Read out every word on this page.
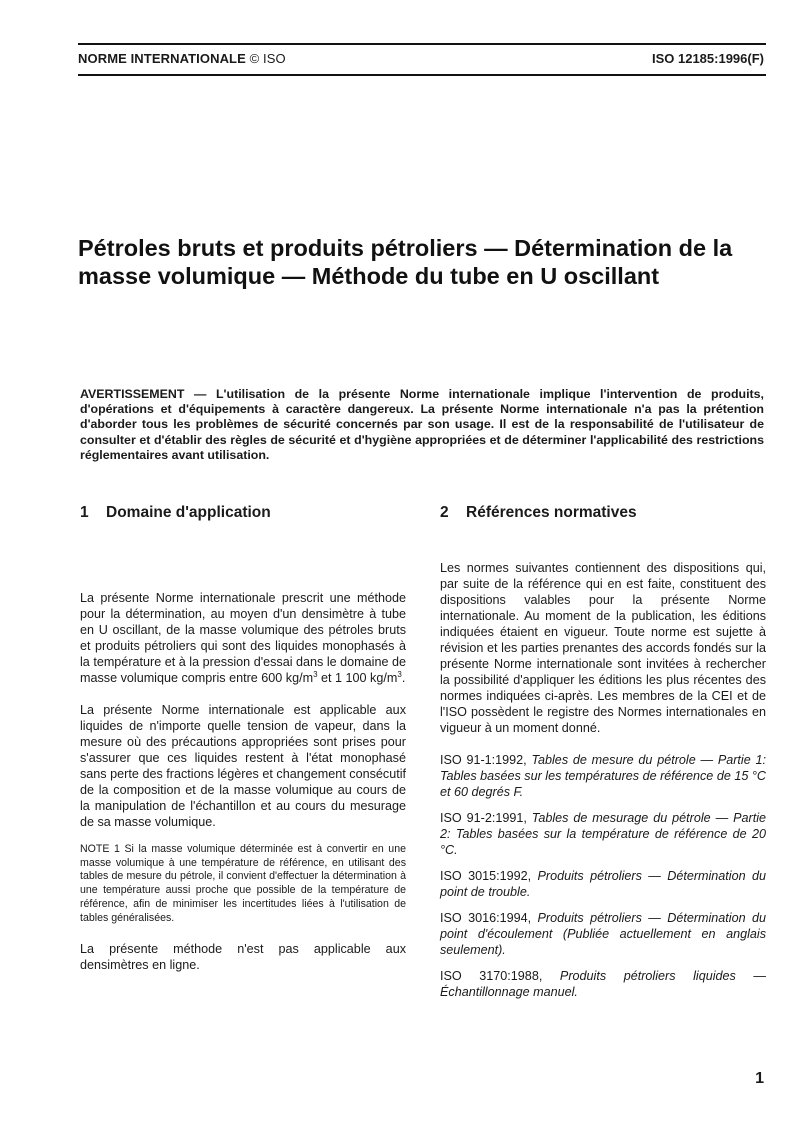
NORME INTERNATIONALE © ISO	ISO 12185:1996(F)
Pétroles bruts et produits pétroliers — Détermination de la masse volumique — Méthode du tube en U oscillant

AVERTISSEMENT — L'utilisation de la présente Norme internationale implique l'intervention de produits, d'opérations et d'équipements à caractère dangereux. La présente Norme internationale n'a pas la prétention d'aborder tous les problèmes de sécurité concernés par son usage. Il est de la responsabilité de l'utilisateur de consulter et d'établir des règles de sécurité et d'hygiène appropriées et de déterminer l'applicabilité des restrictions réglementaires avant utilisation.

1 Domaine d'application

La présente Norme internationale prescrit une méthode pour la détermination, au moyen d'un densimètre à tube en U oscillant, de la masse volumique des pétroles bruts et produits pétroliers qui sont des liquides monophasés à la température et à la pression d'essai dans le domaine de masse volumique compris entre 600 $kg/m^3$ et 1 100 $kg/m^3$.

La présente Norme internationale est applicable aux liquides de n'importe quelle tension de vapeur, dans la mesure où des précautions appropriées sont prises pour s'assurer que ces liquides restent à l'état monophasé sans perte des fractions légères et changement consécutif de la composition et de la masse volumique au cours de la manipulation de l'échantillon et au cours du mesurage de sa masse volumique.

NOTE 1 Si la masse volumique déterminée est à convertir en une masse volumique à une température de référence, en utilisant des tables de mesure du pétrole, il convient d'effectuer la détermination à une température aussi proche que possible de la température de référence, afin de minimiser les incertitudes liées à l'utilisation de tables généralisées.

La présente méthode n'est pas applicable aux densimètres en ligne.

2 Références normatives

Les normes suivantes contiennent des dispositions qui, par suite de la référence qui en est faite, constituent des dispositions valables pour la présente Norme internationale. Au moment de la publication, les éditions indiquées étaient en vigueur. Toute norme est sujette à révision et les parties prenantes des accords fondés sur la présente Norme internationale sont invitées à rechercher la possibilité d'appliquer les éditions les plus récentes des normes indiquées ci-après. Les membres de la CEI et de l'ISO possèdent le registre des Normes internationales en vigueur à un moment donné.

ISO 91-1:1992, Tables de mesure du pétrole — Partie 1: Tables basées sur les températures de référence de 15 °C et 60 degrés F.

ISO 91-2:1991, Tables de mesurage du pétrole — Partie 2: Tables basées sur la température de référence de 20 °C.

ISO 3015:1992, Produits pétroliers — Détermination du point de trouble.

ISO 3016:1994, Produits pétroliers — Détermination du point d'écoulement (Publiée actuellement en anglais seulement).

ISO 3170:1988, Produits pétroliers liquides — Échantillonnage manuel.

1
